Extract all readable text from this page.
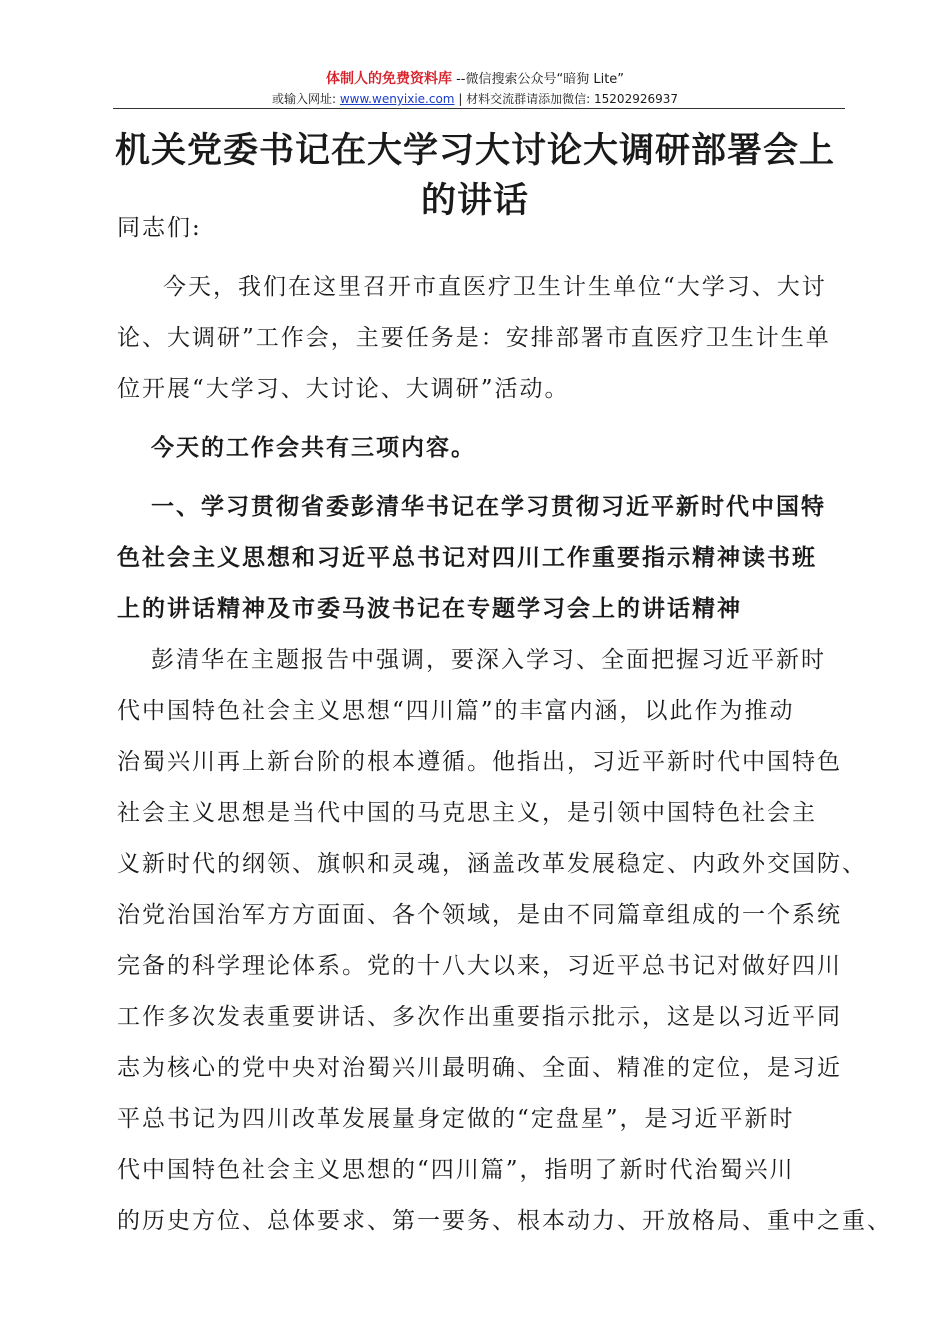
体制人的免费资料库 --微信搜索公众号“暗狗 Lite”
或输入网址: www.wenyixie.com | 材料交流群请添加微信: 15202926937
机关党委书记在大学习大讨论大调研部署会上
的讲话

同志们:

今天，我们在这里召开市直医疗卫生计生单位“大学习、大讨

论、大调研”工作会，主要任务是：安排部署市直医疗卫生计生单

位开展“大学习、大讨论、大调研”活动。

今天的工作会共有三项内容。

一、学习贯彻省委彭清华书记在学习贯彻习近平新时代中国特

色社会主义思想和习近平总书记对四川工作重要指示精神读书班

上的讲话精神及市委马波书记在专题学习会上的讲话精神

彭清华在主题报告中强调，要深入学习、全面把握习近平新时

代中国特色社会主义思想“四川篇”的丰富内涵，以此作为推动

治蜀兴川再上新台阶的根本遵循。他指出，习近平新时代中国特色

社会主义思想是当代中国的马克思主义，是引领中国特色社会主

义新时代的纲领、旗帜和灵魂，涵盖改革发展稳定、内政外交国防、

治党治国治军方方面面、各个领域，是由不同篇章组成的一个系统

完备的科学理论体系。党的十八大以来，习近平总书记对做好四川

工作多次发表重要讲话、多次作出重要指示批示，这是以习近平同

志为核心的党中央对治蜀兴川最明确、全面、精准的定位，是习近

平总书记为四川改革发展量身定做的“定盘星”，是习近平新时

代中国特色社会主义思想的“四川篇”，指明了新时代治蜀兴川

的历史方位、总体要求、第一要务、根本动力、开放格局、重中之重、
